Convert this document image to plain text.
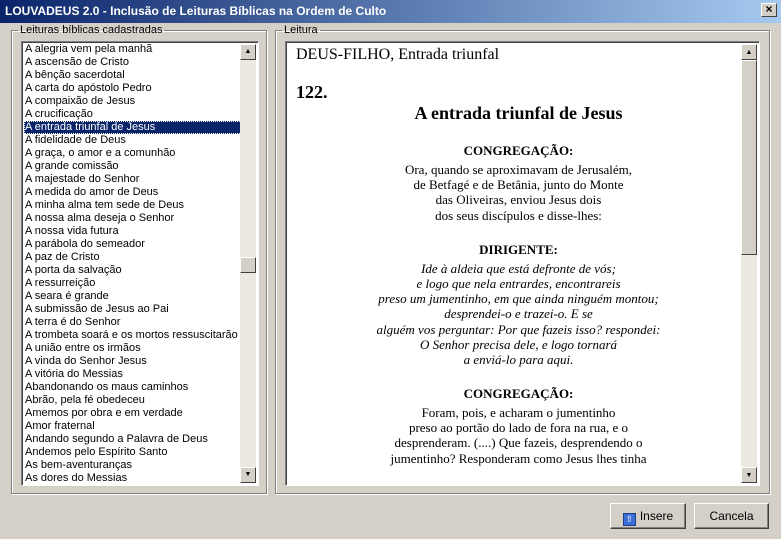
LOUVADEUS 2.0 - Inclusão de Leituras Bíblicas na Ordem de Culto	×
Leituras bíblicas cadastradas	Leitura
A alegria vem pela manhã
A ascensão de Cristo
A bênção sacerdotal
A carta do apóstolo Pedro
A compaixão de Jesus
A crucificação
A entrada triunfal de Jesus
A fidelidade de Deus
A graça, o amor e a comunhão
A grande comissão
A majestade do Senhor
A medida do amor de Deus
A minha alma tem sede de Deus
A nossa alma deseja o Senhor
A nossa vida futura
A parábola do semeador
A paz de Cristo
A porta da salvação
A ressurreição
A seara é grande
A submissão de Jesus ao Pai
A terra é do Senhor
A trombeta soará e os mortos ressuscitarão
A união entre os irmãos
A vinda do Senhor Jesus
A vitória do Messias
Abandonando os maus caminhos
Abrão, pela fé obedeceu
Amemos por obra e em verdade
Amor fraternal
Andando segundo a Palavra de Deus
Andemos pelo Espírito Santo
As bem-aventuranças
As dores do Messias
▲
▼
DEUS-FILHO, Entrada triunfal
122.
A entrada triunfal de Jesus
CONGREGAÇÃO:
Ora, quando se aproximavam de Jerusalém,
de Betfagé e de Betânia, junto do Monte
das Oliveiras, enviou Jesus dois
dos seus discípulos e disse-lhes:
DIRIGENTE:
Ide à aldeia que está defronte de vós;
e logo que nela entrardes, encontrareis
preso um jumentinho, em que ainda ninguém montou;
desprendei-o e trazei-o. E se
alguém vos perguntar: Por que fazeis isso? respondei:
O Senhor precisa dele, e logo tornará
a enviá-lo para aqui.
CONGREGAÇÃO:
Foram, pois, e acharam o jumentinho
preso ao portão do lado de fora na rua, e o
desprenderam. (....) Que fazeis, desprendendo o
jumentinho? Responderam como Jesus lhes tinha
▲
▼
⇧ Insere	Cancela
